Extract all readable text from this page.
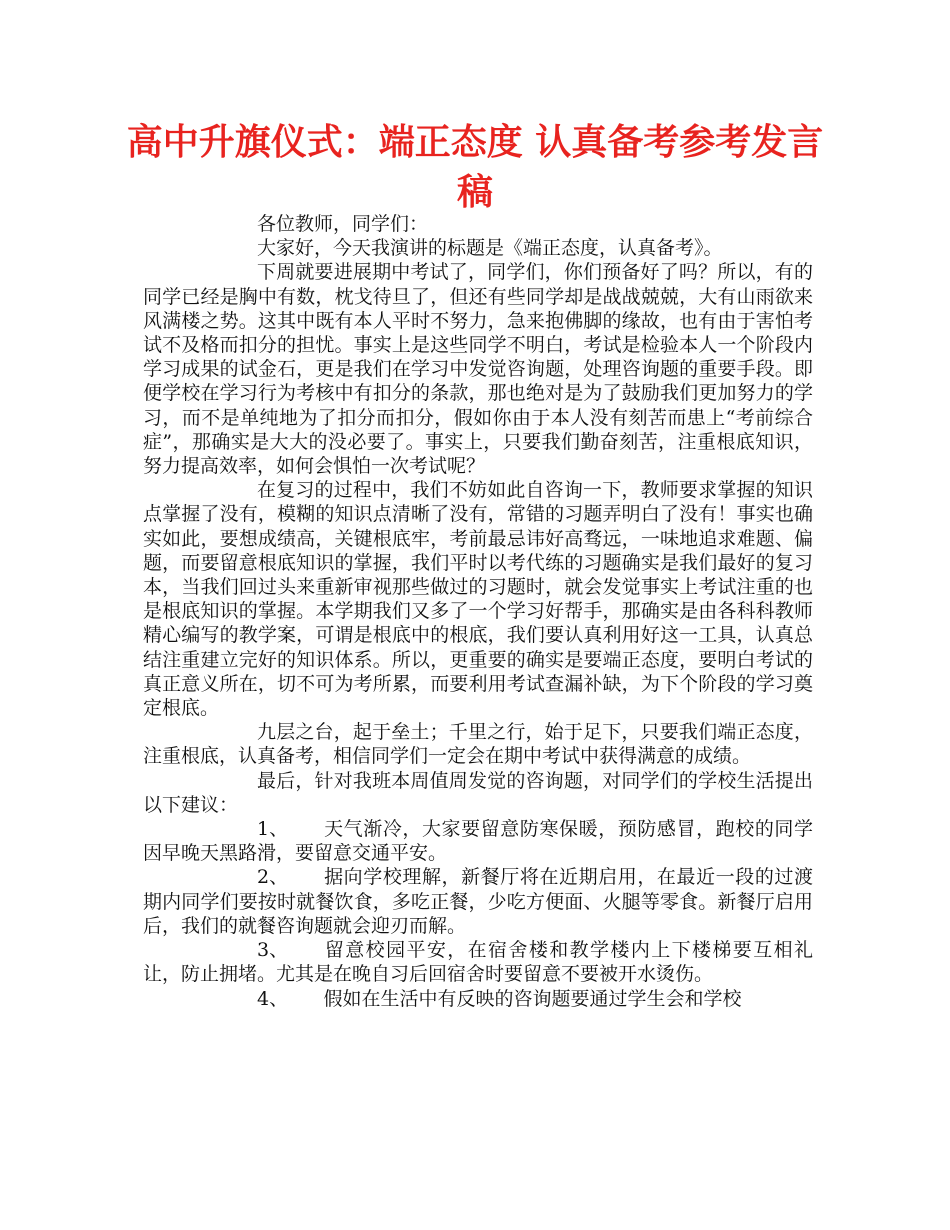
高中升旗仪式：端正态度 认真备考参考发言稿

各位教师，同学们：

大家好，今天我演讲的标题是《端正态度，认真备考》。

下周就要进展期中考试了，同学们，你们预备好了吗？所以，有的同学已经是胸中有数，枕戈待旦了，但还有些同学却是战战兢兢，大有山雨欲来风满楼之势。这其中既有本人平时不努力，急来抱佛脚的缘故，也有由于害怕考试不及格而扣分的担忧。事实上是这些同学不明白，考试是检验本人一个阶段内学习成果的试金石，更是我们在学习中发觉咨询题，处理咨询题的重要手段。即便学校在学习行为考核中有扣分的条款，那也绝对是为了鼓励我们更加努力的学习，而不是单纯地为了扣分而扣分，假如你由于本人没有刻苦而患上“考前综合症”，那确实是大大的没必要了。事实上，只要我们勤奋刻苦，注重根底知识，努力提高效率，如何会惧怕一次考试呢？

在复习的过程中，我们不妨如此自咨询一下，教师要求掌握的知识点掌握了没有，模糊的知识点清晰了没有，常错的习题弄明白了没有！事实也确实如此，要想成绩高，关键根底牢，考前最忌讳好高骛远，一味地追求难题、偏题，而要留意根底知识的掌握，我们平时以考代练的习题确实是我们最好的复习本，当我们回过头来重新审视那些做过的习题时，就会发觉事实上考试注重的也是根底知识的掌握。本学期我们又多了一个学习好帮手，那确实是由各科科教师精心编写的教学案，可谓是根底中的根底，我们要认真利用好这一工具，认真总结注重建立完好的知识体系。所以，更重要的确实是要端正态度，要明白考试的真正意义所在，切不可为考所累，而要利用考试查漏补缺，为下个阶段的学习奠定根底。

九层之台，起于垒土；千里之行，始于足下，只要我们端正态度，注重根底，认真备考，相信同学们一定会在期中考试中获得满意的成绩。

最后，针对我班本周值周发觉的咨询题，对同学们的学校生活提出以下建议：

1、 天气渐冷，大家要留意防寒保暖，预防感冒，跑校的同学因早晚天黑路滑，要留意交通平安。

2、 据向学校理解，新餐厅将在近期启用，在最近一段的过渡期内同学们要按时就餐饮食，多吃正餐，少吃方便面、火腿等零食。新餐厅启用后，我们的就餐咨询题就会迎刃而解。

3、 留意校园平安，在宿舍楼和教学楼内上下楼梯要互相礼让，防止拥堵。尤其是在晚自习后回宿舍时要留意不要被开水烫伤。

4、 假如在生活中有反映的咨询题要通过学生会和学校
